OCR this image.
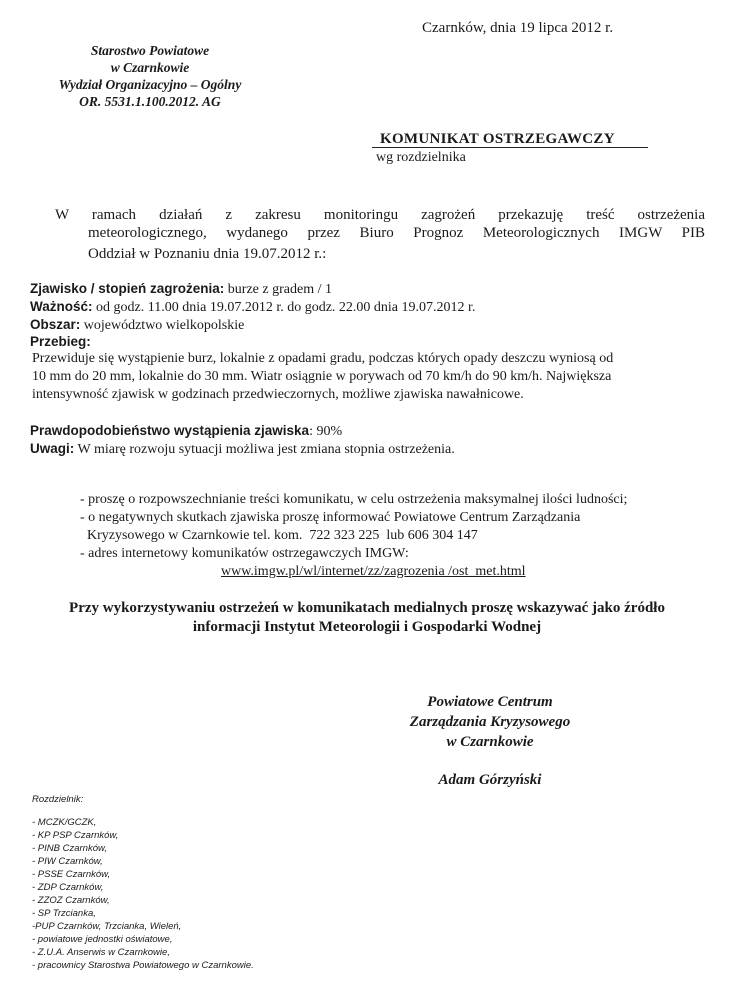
Starostwo Powiatowe
w Czarnkowie
Wydział Organizacyjno – Ogólny
OR. 5531.1.100.2012. AG
Czarnków, dnia 19 lipca 2012 r.
KOMUNIKAT OSTRZEGAWCZY
wg rozdzielnika
W ramach działań z zakresu monitoringu zagrożeń przekazuję treść ostrzeżenia
meteorologicznego, wydanego przez Biuro Prognoz Meteorologicznych IMGW PIB
Oddział w Poznaniu dnia 19.07.2012 r.:
Zjawisko / stopień zagrożenia: burze z gradem / 1
Ważność: od godz. 11.00 dnia 19.07.2012 r. do godz. 22.00 dnia 19.07.2012 r.
Obszar: województwo wielkopolskie
Przebieg:
Przewiduje się wystąpienie burz, lokalnie z opadami gradu, podczas których opady deszczu wyniosą od
10 mm do 20 mm, lokalnie do 30 mm. Wiatr osiągnie w porywach od 70 km/h do 90 km/h. Największa
intensywność zjawisk w godzinach przedwieczornych, możliwe zjawiska nawałnicowe.
Prawdopodobieństwo wystąpienia zjawiska: 90%
Uwagi: W miarę rozwoju sytuacji możliwa jest zmiana stopnia ostrzeżenia.
- proszę o rozpowszechnianie treści komunikatu, w celu ostrzeżenia maksymalnej ilości ludności;
- o negatywnych skutkach zjawiska proszę informować Powiatowe Centrum Zarządzania
Kryzysowego w Czarnkowie tel. kom.  722 323 225  lub 606 304 147
- adres internetowy komunikatów ostrzegawczych IMGW:
www.imgw.pl/wl/internet/zz/zagrozenia /ost_met.html
Przy wykorzystywaniu ostrzeżeń w komunikatach medialnych proszę wskazywać jako źródło
informacji Instytut Meteorologii i Gospodarki Wodnej
Powiatowe Centrum
Zarządzania Kryzysowego
w Czarnkowie
Adam Górzyński
Rozdzielnik:
- MCZK/GCZK,
- KP PSP Czarnków,
- PINB Czarnków,
- PIW Czarnków,
- PSSE Czarnków,
- ZDP Czarnków,
- ZZOZ Czarnków,
- SP Trzcianka,
-PUP Czarnków, Trzcianka, Wieleń,
- powiatowe jednostki oświatowe,
- Z.U.A. Anserwis w Czarnkowie,
- pracownicy Starostwa Powiatowego w Czarnkowie.
